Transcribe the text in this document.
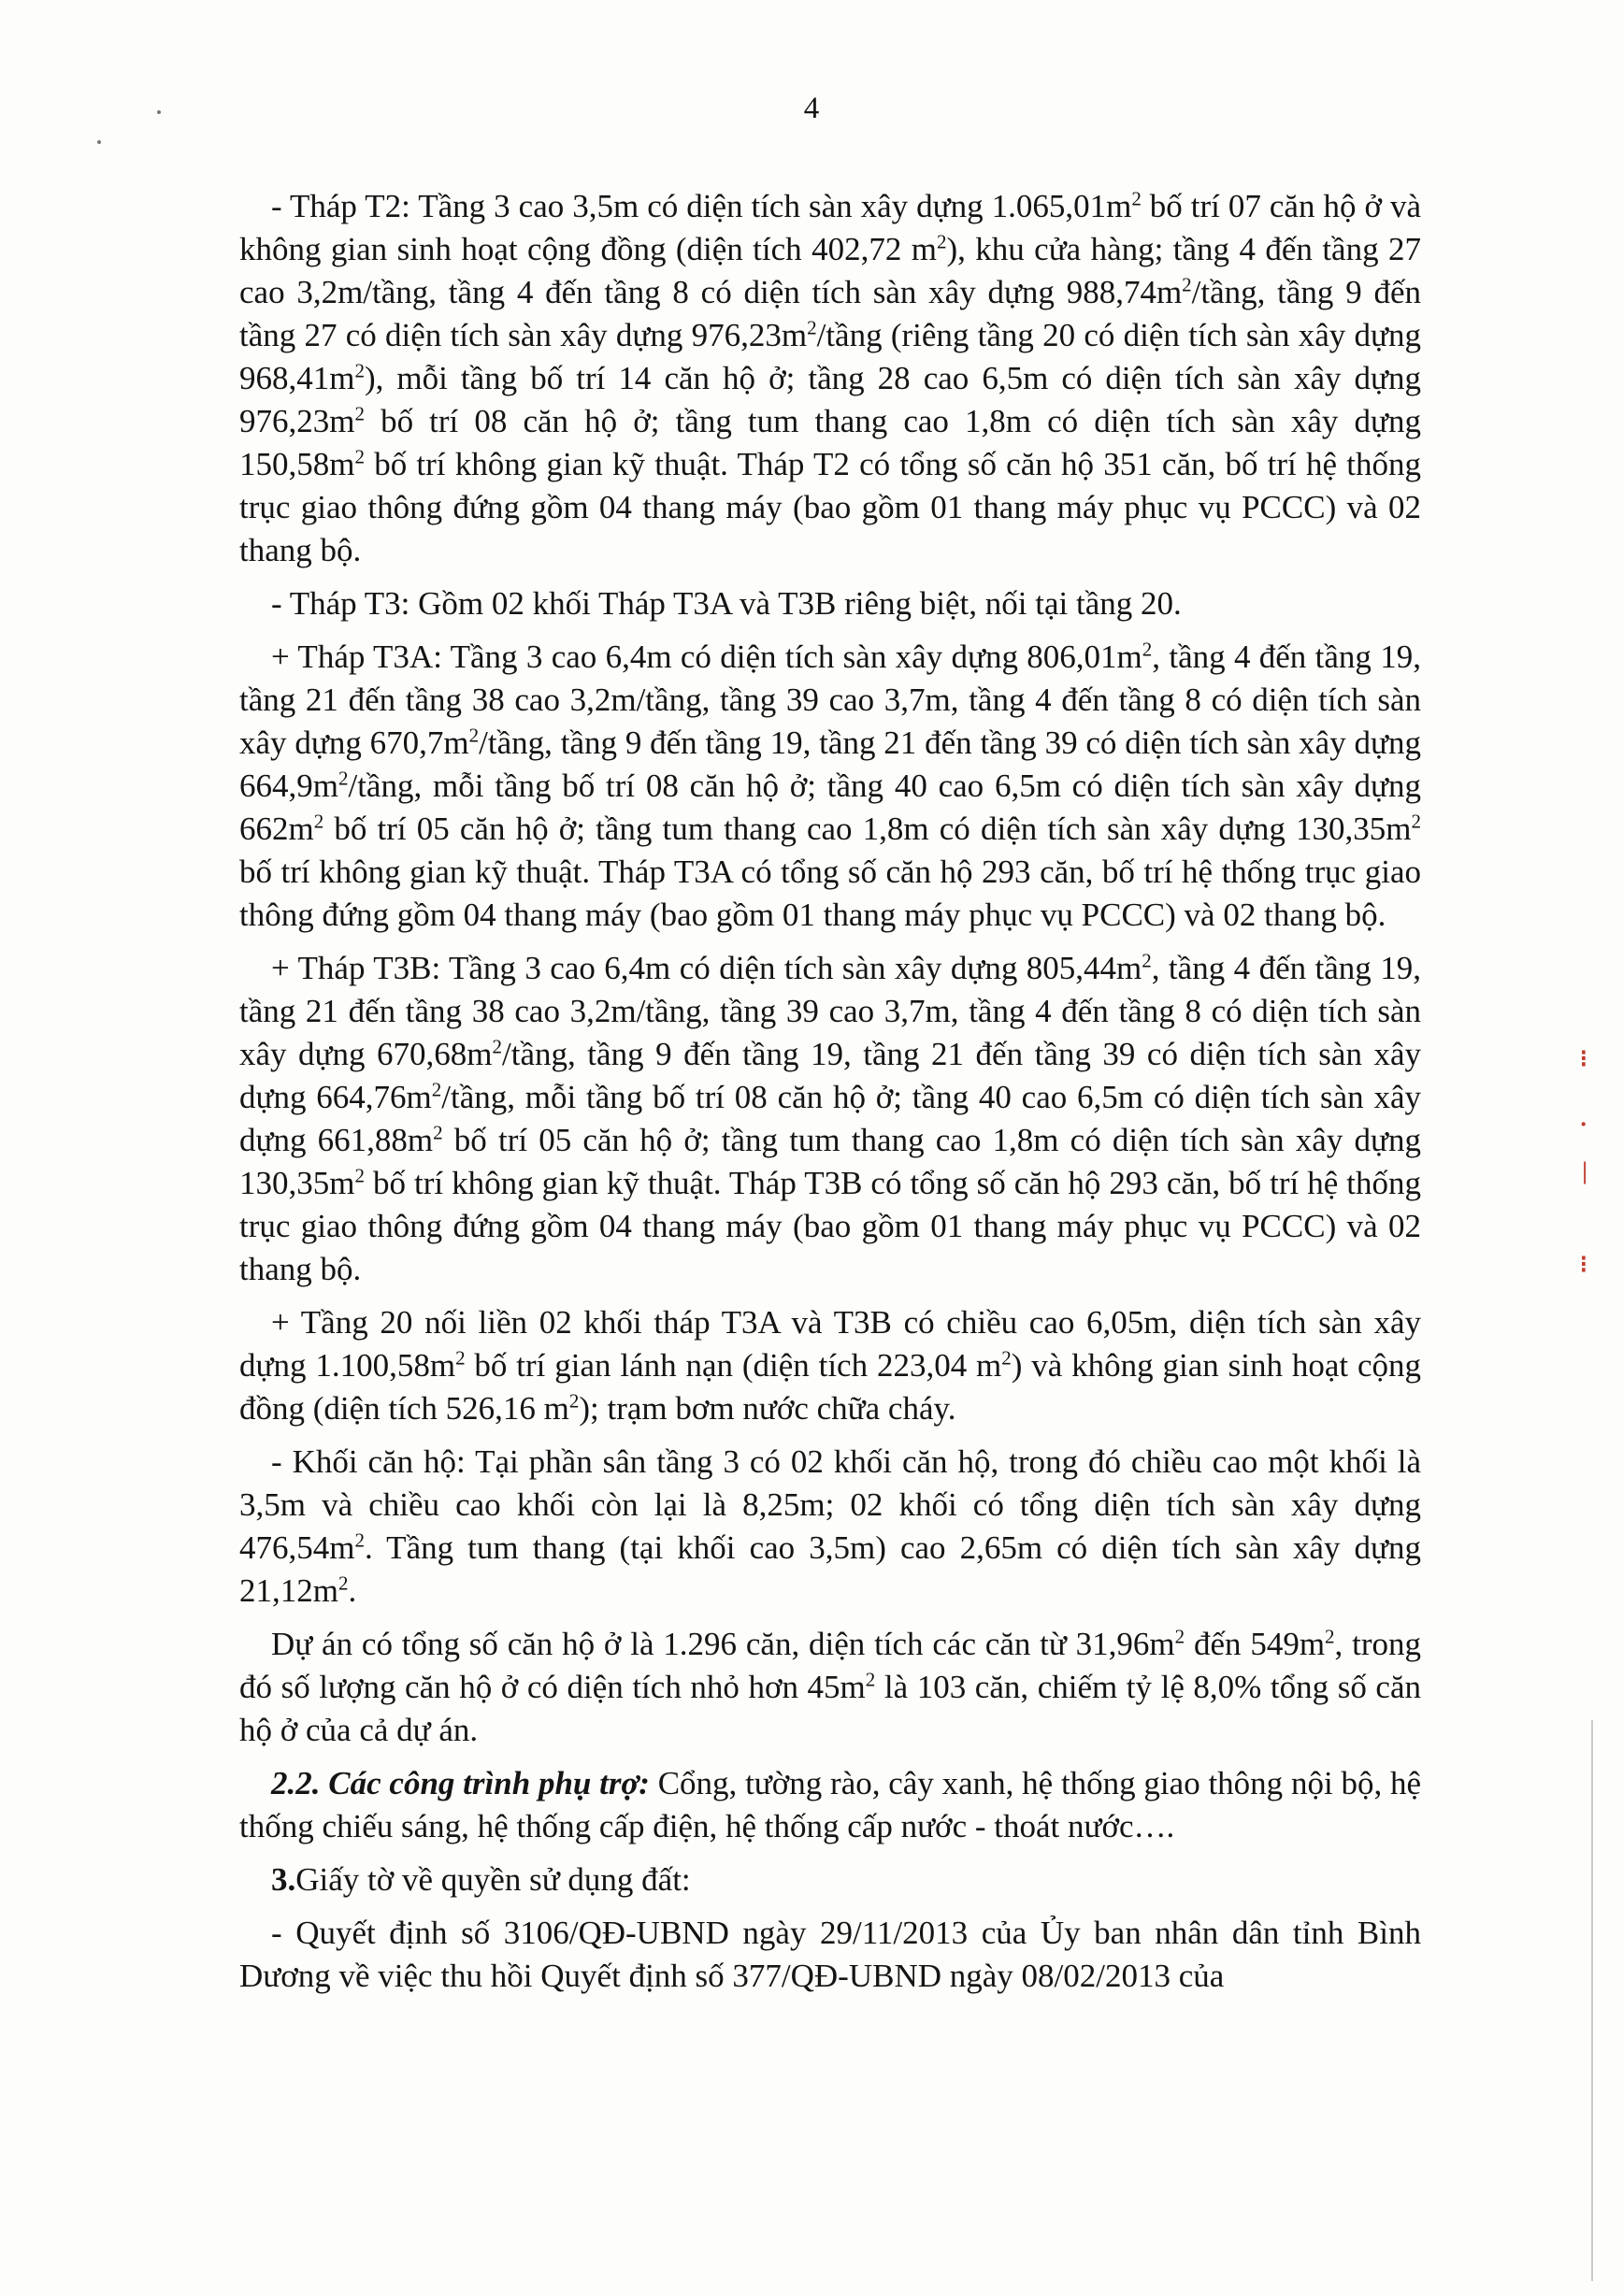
4

- Tháp T2: Tầng 3 cao 3,5m có diện tích sàn xây dựng $1.065,01m^2$ bố trí 07 căn hộ ở và không gian sinh hoạt cộng đồng (diện tích 402,72 $m^2$), khu cửa hàng; tầng 4 đến tầng 27 cao 3,2m/tầng, tầng 4 đến tầng 8 có diện tích sàn xây dựng $988,74m^2$/tầng, tầng 9 đến tầng 27 có diện tích sàn xây dựng $976,23m^2$/tầng (riêng tầng 20 có diện tích sàn xây dựng $968,41m^2$), mỗi tầng bố trí 14 căn hộ ở; tầng 28 cao 6,5m có diện tích sàn xây dựng $976,23m^2$ bố trí 08 căn hộ ở; tầng tum thang cao 1,8m có diện tích sàn xây dựng $150,58m^2$ bố trí không gian kỹ thuật. Tháp T2 có tổng số căn hộ 351 căn, bố trí hệ thống trục giao thông đứng gồm 04 thang máy (bao gồm 01 thang máy phục vụ PCCC) và 02 thang bộ.

- Tháp T3: Gồm 02 khối Tháp T3A và T3B riêng biệt, nối tại tầng 20.

+ Tháp T3A: Tầng 3 cao 6,4m có diện tích sàn xây dựng $806,01m^2$, tầng 4 đến tầng 19, tầng 21 đến tầng 38 cao 3,2m/tầng, tầng 39 cao 3,7m, tầng 4 đến tầng 8 có diện tích sàn xây dựng $670,7m^2$/tầng, tầng 9 đến tầng 19, tầng 21 đến tầng 39 có diện tích sàn xây dựng $664,9m^2$/tầng, mỗi tầng bố trí 08 căn hộ ở; tầng 40 cao 6,5m có diện tích sàn xây dựng $662m^2$ bố trí 05 căn hộ ở; tầng tum thang cao 1,8m có diện tích sàn xây dựng $130,35m^2$ bố trí không gian kỹ thuật. Tháp T3A có tổng số căn hộ 293 căn, bố trí hệ thống trục giao thông đứng gồm 04 thang máy (bao gồm 01 thang máy phục vụ PCCC) và 02 thang bộ.

+ Tháp T3B: Tầng 3 cao 6,4m có diện tích sàn xây dựng $805,44m^2$, tầng 4 đến tầng 19, tầng 21 đến tầng 38 cao 3,2m/tầng, tầng 39 cao 3,7m, tầng 4 đến tầng 8 có diện tích sàn xây dựng $670,68m^2$/tầng, tầng 9 đến tầng 19, tầng 21 đến tầng 39 có diện tích sàn xây dựng $664,76m^2$/tầng, mỗi tầng bố trí 08 căn hộ ở; tầng 40 cao 6,5m có diện tích sàn xây dựng $661,88m^2$ bố trí 05 căn hộ ở; tầng tum thang cao 1,8m có diện tích sàn xây dựng $130,35m^2$ bố trí không gian kỹ thuật. Tháp T3B có tổng số căn hộ 293 căn, bố trí hệ thống trục giao thông đứng gồm 04 thang máy (bao gồm 01 thang máy phục vụ PCCC) và 02 thang bộ.

+ Tầng 20 nối liền 02 khối tháp T3A và T3B có chiều cao 6,05m, diện tích sàn xây dựng $1.100,58m^2$ bố trí gian lánh nạn (diện tích 223,04 $m^2$) và không gian sinh hoạt cộng đồng (diện tích 526,16 $m^2$); trạm bơm nước chữa cháy.

- Khối căn hộ: Tại phần sân tầng 3 có 02 khối căn hộ, trong đó chiều cao một khối là 3,5m và chiều cao khối còn lại là 8,25m; 02 khối có tổng diện tích sàn xây dựng $476,54m^2$. Tầng tum thang (tại khối cao 3,5m) cao 2,65m có diện tích sàn xây dựng $21,12m^2$.

Dự án có tổng số căn hộ ở là 1.296 căn, diện tích các căn từ $31,96m^2$ đến $549m^2$, trong đó số lượng căn hộ ở có diện tích nhỏ hơn $45m^2$ là 103 căn, chiếm tỷ lệ 8,0% tổng số căn hộ ở của cả dự án.

2.2. Các công trình phụ trợ: Cổng, tường rào, cây xanh, hệ thống giao thông nội bộ, hệ thống chiếu sáng, hệ thống cấp điện, hệ thống cấp nước - thoát nước….

3.Giấy tờ về quyền sử dụng đất:

- Quyết định số 3106/QĐ-UBND ngày 29/11/2013 của Ủy ban nhân dân tỉnh Bình Dương về việc thu hồi Quyết định số 377/QĐ-UBND ngày 08/02/2013 của

⁝
·
|
⁝
